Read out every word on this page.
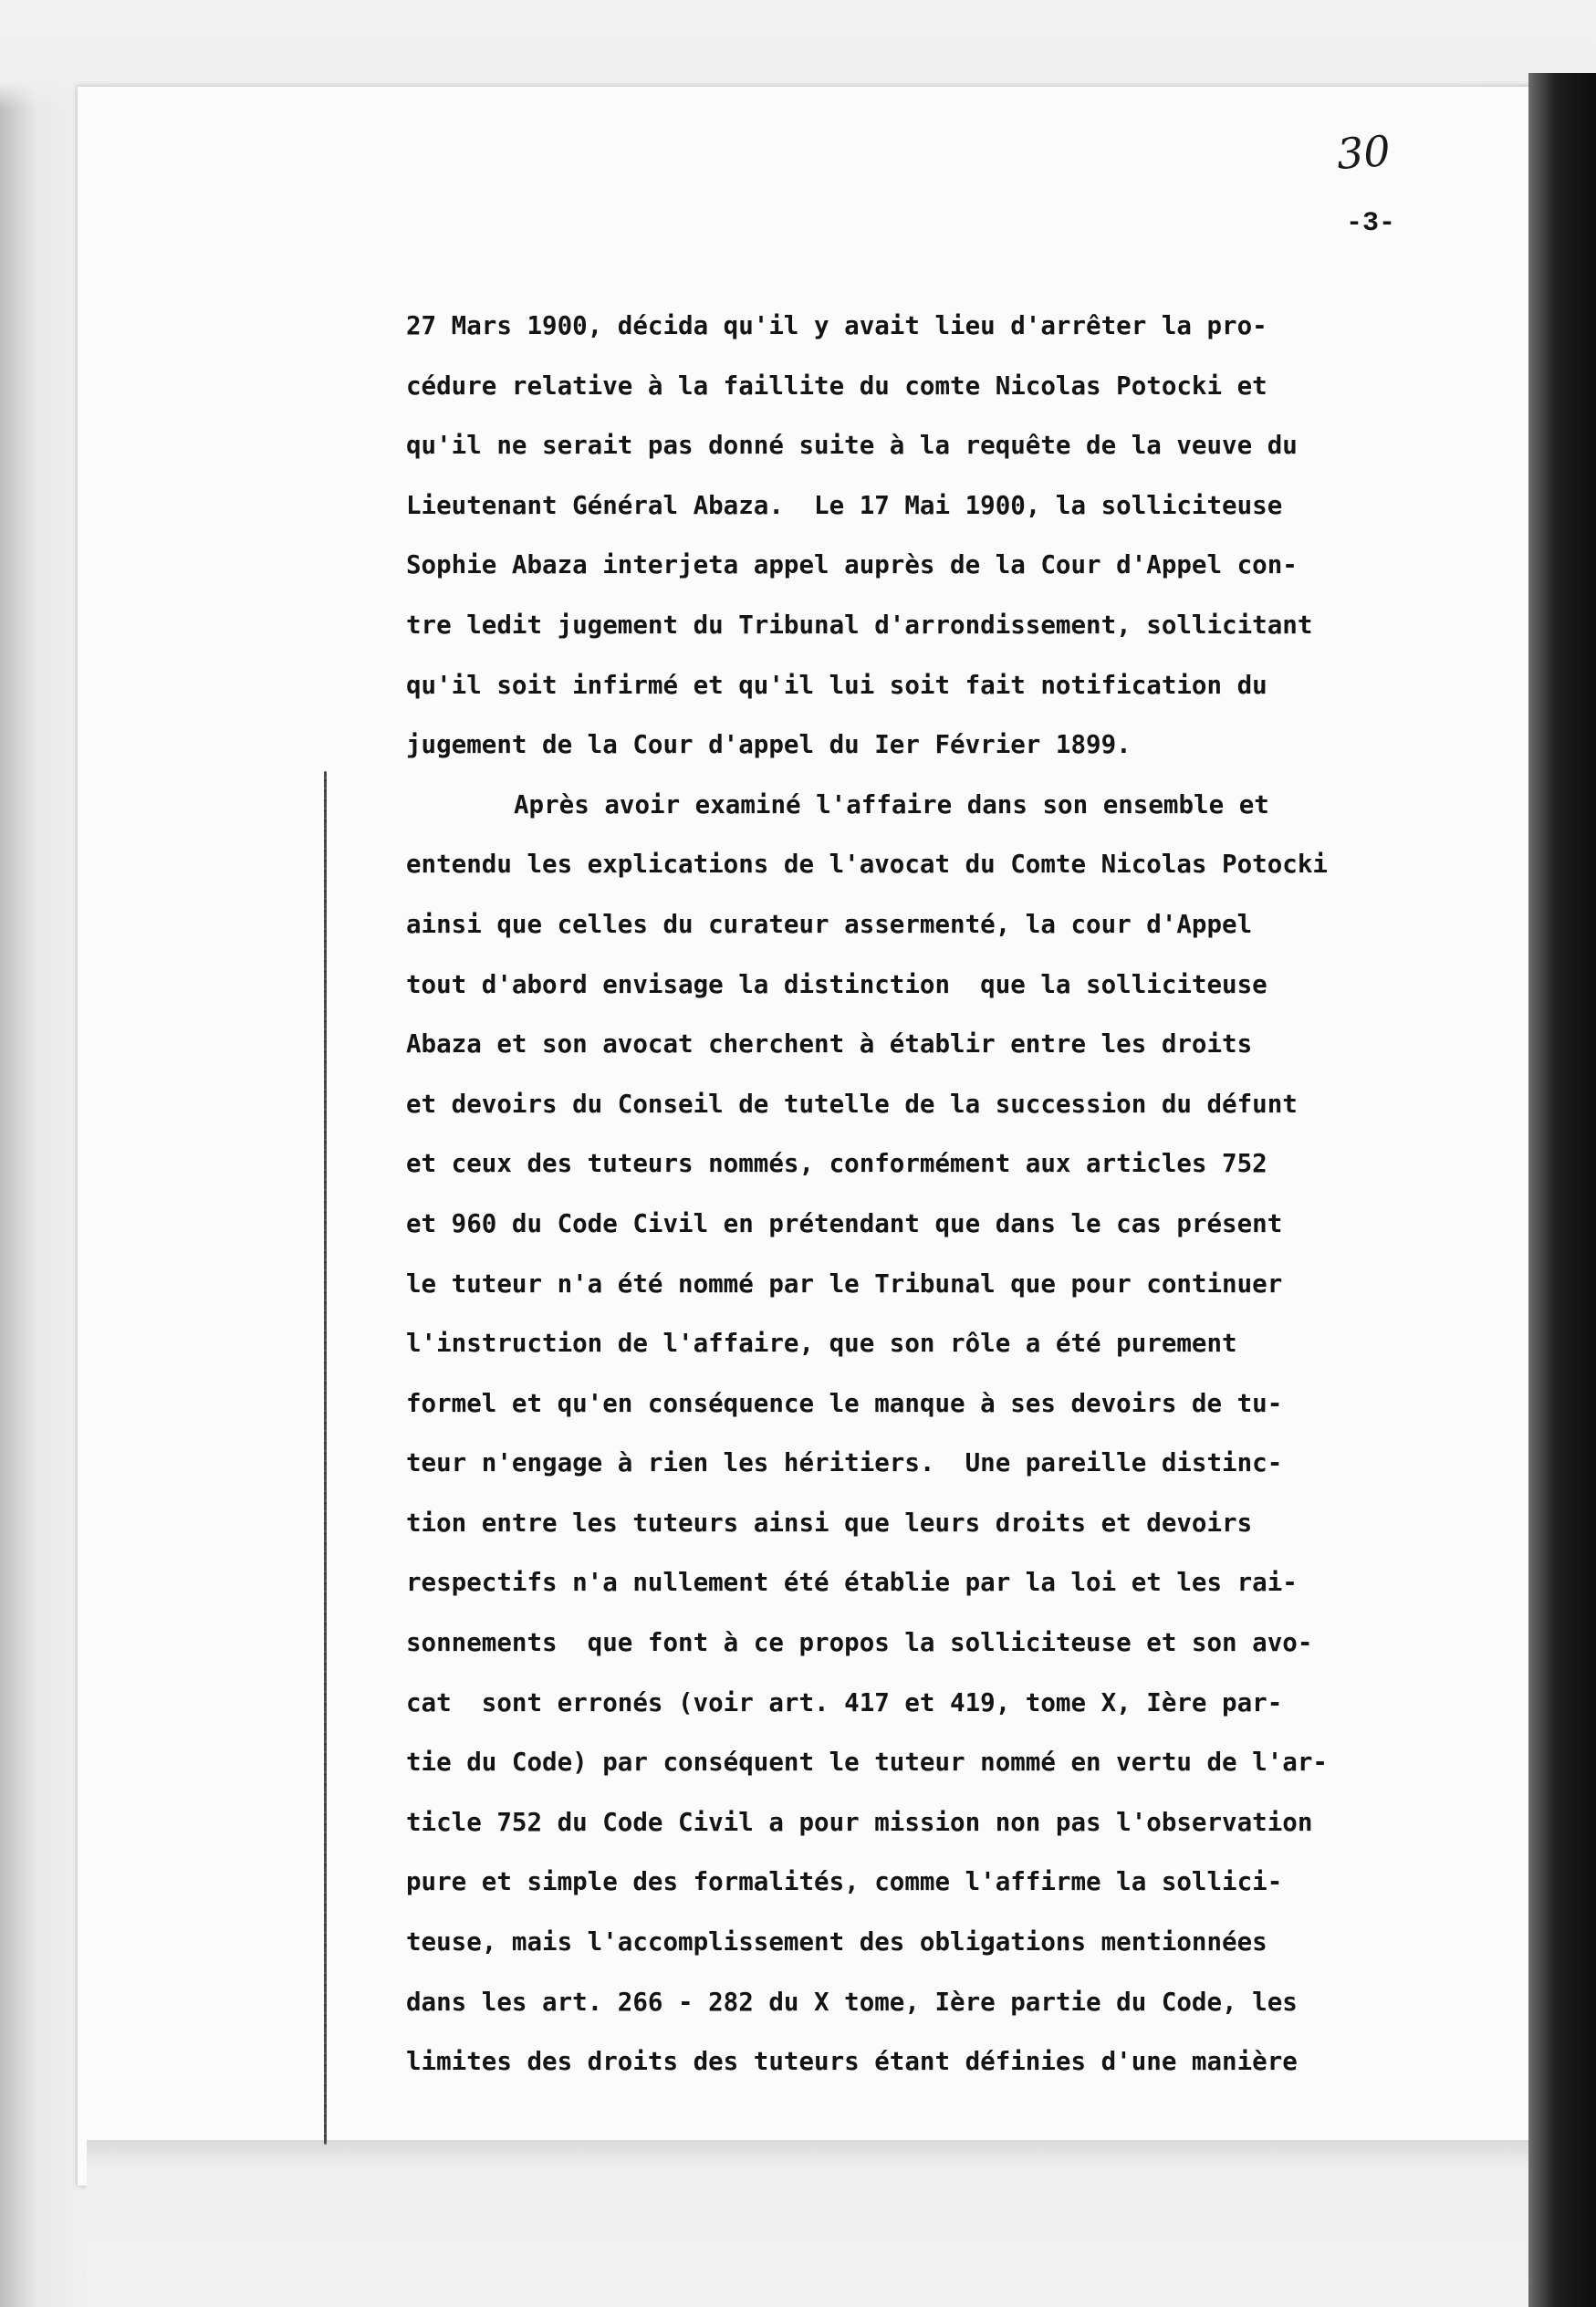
30
-3-
27 Mars 1900, décida qu'il y avait lieu d'arrêter la pro-
cédure relative à la faillite du comte Nicolas Potocki et
qu'il ne serait pas donné suite à la requête de la veuve du
Lieutenant Général Abaza.  Le 17 Mai 1900, la solliciteuse
Sophie Abaza interjeta appel auprès de la Cour d'Appel con-
tre ledit jugement du Tribunal d'arrondissement, sollicitant
qu'il soit infirmé et qu'il lui soit fait notification du
jugement de la Cour d'appel du Ier Février 1899.
Après avoir examiné l'affaire dans son ensemble et
entendu les explications de l'avocat du Comte Nicolas Potocki
ainsi que celles du curateur assermenté, la cour d'Appel
tout d'abord envisage la distinction  que la solliciteuse
Abaza et son avocat cherchent à établir entre les droits
et devoirs du Conseil de tutelle de la succession du défunt
et ceux des tuteurs nommés, conformément aux articles 752
et 960 du Code Civil en prétendant que dans le cas présent
le tuteur n'a été nommé par le Tribunal que pour continuer
l'instruction de l'affaire, que son rôle a été purement
formel et qu'en conséquence le manque à ses devoirs de tu-
teur n'engage à rien les héritiers.  Une pareille distinc-
tion entre les tuteurs ainsi que leurs droits et devoirs
respectifs n'a nullement été établie par la loi et les rai-
sonnements  que font à ce propos la solliciteuse et son avo-
cat  sont erronés (voir art. 417 et 419, tome X, Ière par-
tie du Code) par conséquent le tuteur nommé en vertu de l'ar-
ticle 752 du Code Civil a pour mission non pas l'observation
pure et simple des formalités, comme l'affirme la sollici-
teuse, mais l'accomplissement des obligations mentionnées
dans les art. 266 - 282 du X tome, Ière partie du Code, les
limites des droits des tuteurs étant définies d'une manière
